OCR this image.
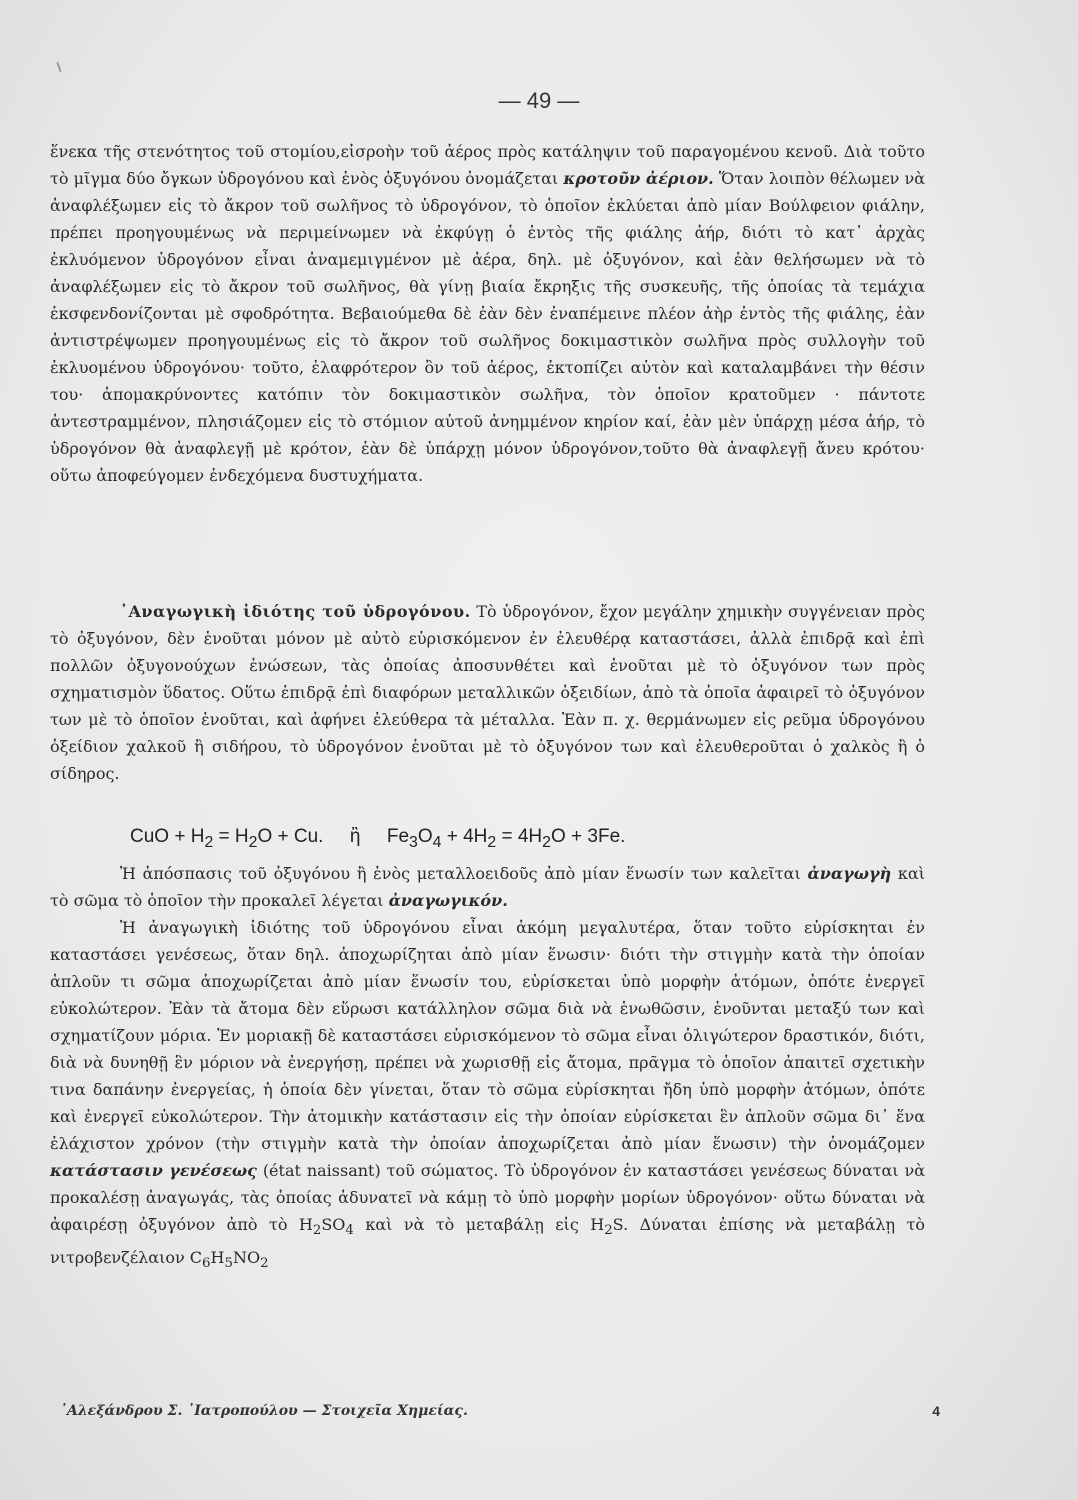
— 49 —

ἕνεκα τῆς στενότητος τοῦ στομίου,εἰσροὴν τοῦ ἀέρος πρὸς κατάληψιν τοῦ παραγομένου κενοῦ. Διὰ τοῦτο τὸ μῖγμα δύο ὄγκων ὑδρογόνου καὶ ἑνὸς ὀξυγόνου ὀνομάζεται κροτοῦν ἀέριον. Ὅταν λοιπὸν θέλωμεν νὰ ἀναφλέξωμεν εἰς τὸ ἄκρον τοῦ σωλῆνος τὸ ὑδρογόνον, τὸ ὁποῖον ἐκλύεται ἀπὸ μίαν Βούλφειον φιάλην, πρέπει προηγουμένως νὰ περιμείνωμεν νὰ ἐκφύγῃ ὁ ἐντὸς τῆς φιάλης ἀήρ, διότι τὸ κατ᾿ ἀρχὰς ἐκλυόμενον ὑδρογόνον εἶναι ἀναμεμιγμένον μὲ ἀέρα, δηλ. μὲ ὀξυγόνον, καὶ ἐὰν θελήσωμεν νὰ τὸ ἀναφλέξωμεν εἰς τὸ ἄκρον τοῦ σωλῆνος, θὰ γίνῃ βιαία ἔκρηξις τῆς συσκευῆς, τῆς ὁποίας τὰ τεμάχια ἐκσφενδονίζονται μὲ σφοδρότητα. Βεβαιούμεθα δὲ ἐὰν δὲν ἐναπέμεινε πλέον ἀὴρ ἐντὸς τῆς φιάλης, ἐὰν ἀντιστρέψωμεν προηγουμένως εἰς τὸ ἄκρον τοῦ σωλῆνος δοκιμαστικὸν σωλῆνα πρὸς συλλογὴν τοῦ ἐκλυομένου ὑδρογόνου· τοῦτο, ἐλαφρότερον ὂν τοῦ ἀέρος, ἐκτοπίζει αὐτὸν καὶ καταλαμβάνει τὴν θέσιν του· ἀπομακρύνοντες κατόπιν τὸν δοκιμαστικὸν σωλῆνα, τὸν ὁποῖον κρατοῦμεν · πάντοτε ἀντεστραμμένον, πλησιάζομεν εἰς τὸ στόμιον αὐτοῦ ἀνημμένον κηρίον καί, ἐὰν μὲν ὑπάρχῃ μέσα ἀήρ, τὸ ὑδρογόνον θὰ ἀναφλεγῇ μὲ κρότον, ἐὰν δὲ ὑπάρχῃ μόνον ὑδρογόνον,τοῦτο θὰ ἀναφλεγῇ ἄνευ κρότου· οὕτω ἀποφεύγομεν ἐνδεχόμενα δυστυχήματα.

᾿Αναγωγικὴ ἰδιότης τοῦ ὑδρογόνου. Τὸ ὑδρογόνον, ἔχον μεγάλην χημικὴν συγγένειαν πρὸς τὸ ὀξυγόνον, δὲν ἑνοῦται μόνον μὲ αὐτὸ εὑρισκόμενον ἐν ἐλευθέρᾳ καταστάσει, ἀλλὰ ἐπιδρᾷ καὶ ἐπὶ πολλῶν ὀξυγονούχων ἑνώσεων, τὰς ὁποίας ἀποσυνθέτει καὶ ἑνοῦται μὲ τὸ ὀξυγόνον των πρὸς σχηματισμὸν ὕδατος. Οὕτω ἐπιδρᾷ ἐπὶ διαφόρων μεταλλικῶν ὀξειδίων, ἀπὸ τὰ ὁποῖα ἀφαιρεῖ τὸ ὀξυγόνον των μὲ τὸ ὁποῖον ἑνοῦται, καὶ ἀφήνει ἐλεύθερα τὰ μέταλλα. Ἐὰν π. χ. θερμάνωμεν εἰς ρεῦμα ὑδρογόνου ὀξείδιον χαλκοῦ ἢ σιδήρου, τὸ ὑδρογόνον ἑνοῦται μὲ τὸ ὀξυγόνον των καὶ ἐλευθεροῦται ὁ χαλκὸς ἢ ὁ σίδηρος.

CuO + $H_2 = H_2O + Cu$. ἢ $Fe_3O_4 + 4H_2 = 4H_2O + 3Fe$.

Ἡ ἀπόσπασις τοῦ ὀξυγόνου ἢ ἑνὸς μεταλλοειδοῦς ἀπὸ μίαν ἕνωσίν των καλεῖται ἀναγωγὴ καὶ τὸ σῶμα τὸ ὁποῖον τὴν προκαλεῖ λέγεται ἀναγωγικόν.

Ἡ ἀναγωγικὴ ἰδιότης τοῦ ὑδρογόνου εἶναι ἀκόμη μεγαλυτέρα, ὅταν τοῦτο εὑρίσκηται ἐν καταστάσει γενέσεως, ὅταν δηλ. ἀποχωρίζηται ἀπὸ μίαν ἕνωσιν· διότι τὴν στιγμὴν κατὰ τὴν ὁποίαν ἁπλοῦν τι σῶμα ἀποχωρίζεται ἀπὸ μίαν ἕνωσίν του, εὑρίσκεται ὑπὸ μορφὴν ἀτόμων, ὁπότε ἐνεργεῖ εὐκολώτερον. Ἐὰν τὰ ἄτομα δὲν εὕρωσι κατάλληλον σῶμα διὰ νὰ ἑνωθῶσιν, ἑνοῦνται μεταξύ των καὶ σχηματίζουν μόρια. Ἐν μοριακῇ δὲ καταστάσει εὑρισκόμενον τὸ σῶμα εἶναι ὀλιγώτερον δραστικόν, διότι, διὰ νὰ δυνηθῇ ἓν μόριον νὰ ἐνεργήσῃ, πρέπει νὰ χωρισθῇ εἰς ἄτομα, πρᾶγμα τὸ ὁποῖον ἀπαιτεῖ σχετικὴν τινα δαπάνην ἐνεργείας, ἡ ὁποία δὲν γίνεται, ὅταν τὸ σῶμα εὑρίσκηται ἤδη ὑπὸ μορφὴν ἀτόμων, ὁπότε καὶ ἐνεργεῖ εὐκολώτερον. Τὴν ἀτομικὴν κατάστασιν εἰς τὴν ὁποίαν εὑρίσκεται ἓν ἁπλοῦν σῶμα δι᾿ ἕνα ἐλάχιστον χρόνον (τὴν στιγμὴν κατὰ τὴν ὁποίαν ἀποχωρίζεται ἀπὸ μίαν ἕνωσιν) τὴν ὀνομάζομεν κατάστασιν γενέσεως (état naissant) τοῦ σώματος. Τὸ ὑδρογόνον ἐν καταστάσει γενέσεως δύναται νὰ προκαλέσῃ ἀναγωγάς, τὰς ὁποίας ἀδυνατεῖ νὰ κάμῃ τὸ ὑπὸ μορφὴν μορίων ὑδρογόνον· οὕτω δύναται νὰ ἀφαιρέσῃ ὀξυγόνον ἀπὸ τὸ $H_2SO_4$ καὶ νὰ τὸ μεταβάλῃ εἰς $H_2S$. Δύναται ἐπίσης νὰ μεταβάλῃ τὸ νιτροβενζέλαιον $C_6H_5NO_2$

᾿Αλεξάνδρου Σ. ᾿Ιατροπούλου — Στοιχεῖα Χημείας.	4
